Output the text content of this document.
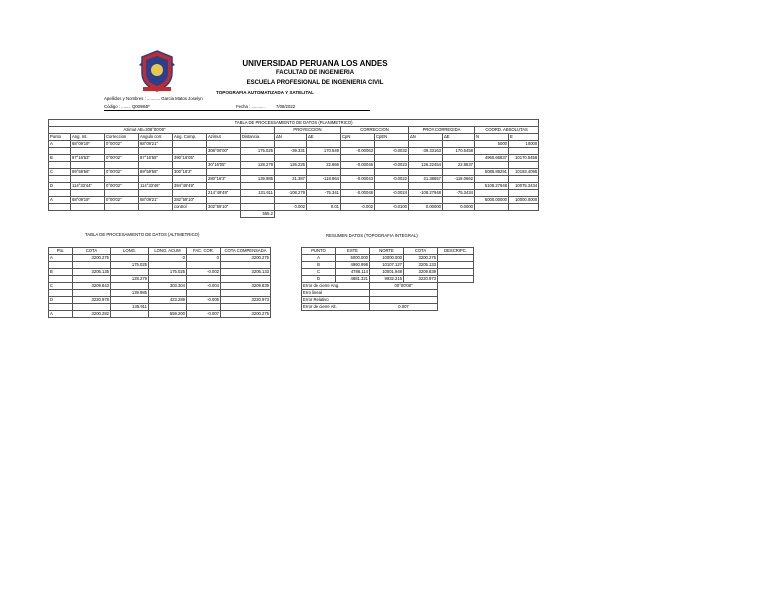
UNIVERSIDAD PERUANA LOS ANDES
FACULTAD DE INGENIERIA
ESCUELA PROFESIONAL DE INGENIERIA CIVIL
TOPOGRAFIA AUTOMATIZADA Y SATELITAL
Apellidos y Nombres : ........... Garcia Matos Joselyn
Código : ........ Q00984F	Fecha : ...........	7/08/2022
TABLA DE PROCESSAMIENTO DE DATOS (PLANIMETRICO)														
Azimut AB=308°00'00"							PROYECCION		CORRECCION		PROY.CORREGIDA		COORD. ABSOLUTAS	
Punto	Ang. Int.	Correccion	Angulo corr.	Ang. Comp.	Azimut	Distancia	ΔN	ΔE	CpN	CpEN	ΔN	ΔE	N	E
A	68°09'19"	0°00'02"	68°09'21"										5000	10000
					308°00'00"	175.025	-39.331	170.549	-0.00063	-0.0032	-39.33163	170.5458		
B	87°16'53"	0°00'02"	87°16'55"	390°16'05"									4960.66837	10170.5458
					30°16'05"	128.279	126.225	22.866	-0.00046	-0.0023	126.22454	22.8637		
C	89°59'56"	0°00'02"	89°59'58"	300°16'3"									5086.89291	10193.4095
					280°16'3"	139.985	21.387	-118.864	-0.00043	-0.0022	21.38657	-118.0662		
D	114°33'44"	0°00'02"	114°33'46"	394°49'49"									5108.27948	10075.3434
					214°49'49"	131.611	-108.279	-75.341	-0.00048	-0.0024	-108.27948	-75.3434		
A	68°09'19"	0°00'02"	68°09'21"	282°59'10"									5000.00000	10000.0000
				control	302°59'10"		0.002	0.01	-0.002	-0.0100	0.00000	0.0000		
						555.2								
TABLA DE PROCESAMIENTO DE DATOS (ALTIMETRICO)
Pto.	COTA	LONG.	LONG. ACUM	FAC. COR.	COTA COMPENSADA
A	3200.275		0	0	3200.275
		175.025			
B	3205.135		175.025	-0.002	3205.133
		128.279			
C	3209.843		303.304	-0.004	3209.839
		139.985			
D	3220.978		423.289	-0.005	3220.973
		135.911			
A	3200.282		559.200	-0.007	3200.275
RESUMEN DATOS (TOPOGRAFIA INTEGRAL)
PUNTO	ESTE	NORTE	COTA	DESCRIPC.
A	5000.000	10000.000	3200.275	
B	4960.998	10107.127	3205.133	
C	4786.114	10001.948	3209.839	
D	4881.321	9932.215	3220.973	
Error de cierre Ang.		00°00'08"		
Erro lineal				
Error Relativo				
Error de cierre Alt.		0.007		
